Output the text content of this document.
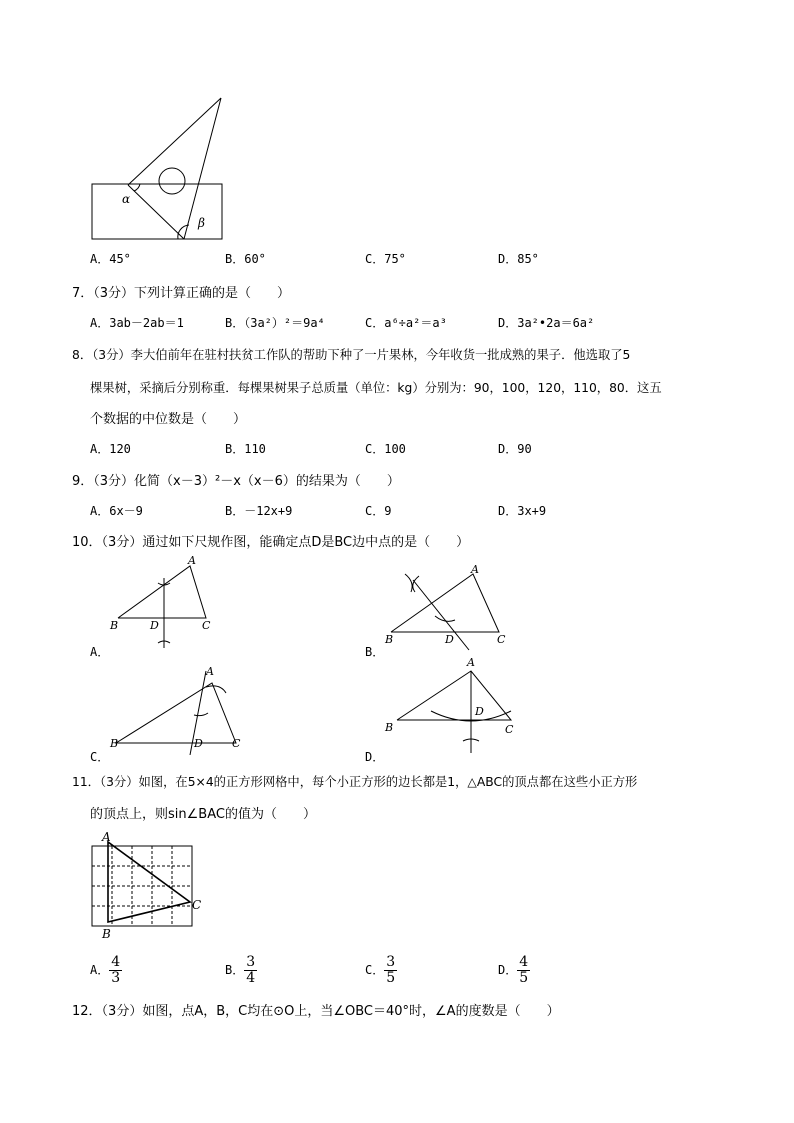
α
β
A．45°	B．60°	C．75°	D．85°
7．（3分）下列计算正确的是（　　）
A．3ab－2ab＝1	B．（3a²）²＝9a⁴	C．a⁶÷a²＝a³	D．3a²•2a＝6a²
8．（3分）李大伯前年在驻村扶贫工作队的帮助下种了一片果林，今年收货一批成熟的果子．他选取了5
棵果树，采摘后分别称重．每棵果树果子总质量（单位：kg）分别为：90，100，120，110，80．这五
个数据的中位数是（　　）
A．120	B．110	C．100	D．90
9．（3分）化简（x－3）²－x（x－6）的结果为（　　）
A．6x－9	B．－12x+9	C．9	D．3x+9
10．（3分）通过如下尺规作图，能确定点D是BC边中点的是（　　）
A
B	C
D
A．
A
B	C
D
B．
A
B	C
D
C．
A
B	C
D
D．
11．（3分）如图，在5×4的正方形网格中，每个小正方形的边长都是1，△ABC的顶点都在这些小正方形
的顶点上，则sin∠BAC的值为（　　）
A
B
C
A． $\frac{4}{3}$	B． $\frac{3}{4}$	C． $\frac{3}{5}$	D． $\frac{4}{5}$
12．（3分）如图，点A，B，C均在⊙O上，当∠OBC＝40°时，∠A的度数是（　　）
